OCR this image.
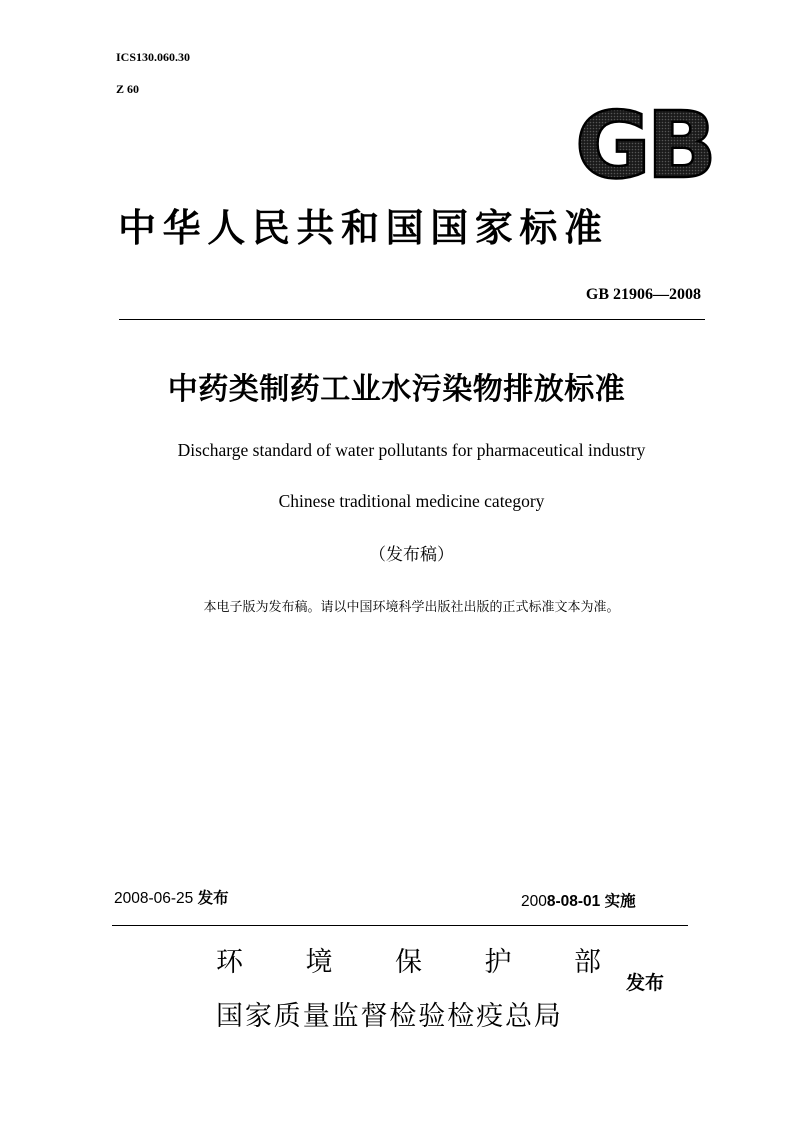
ICS130.060.30
Z 60
GB
中华人民共和国国家标准
GB 21906—2008
中药类制药工业水污染物排放标准
Discharge standard of water pollutants for pharmaceutical industry
Chinese traditional medicine category
（发布稿）
本电子版为发布稿。请以中国环境科学出版社出版的正式标准文本为准。
2008-06-25 发布	2008-08-01 实施
环 境 保 护 部
国家质量监督检验检疫总局
发布
